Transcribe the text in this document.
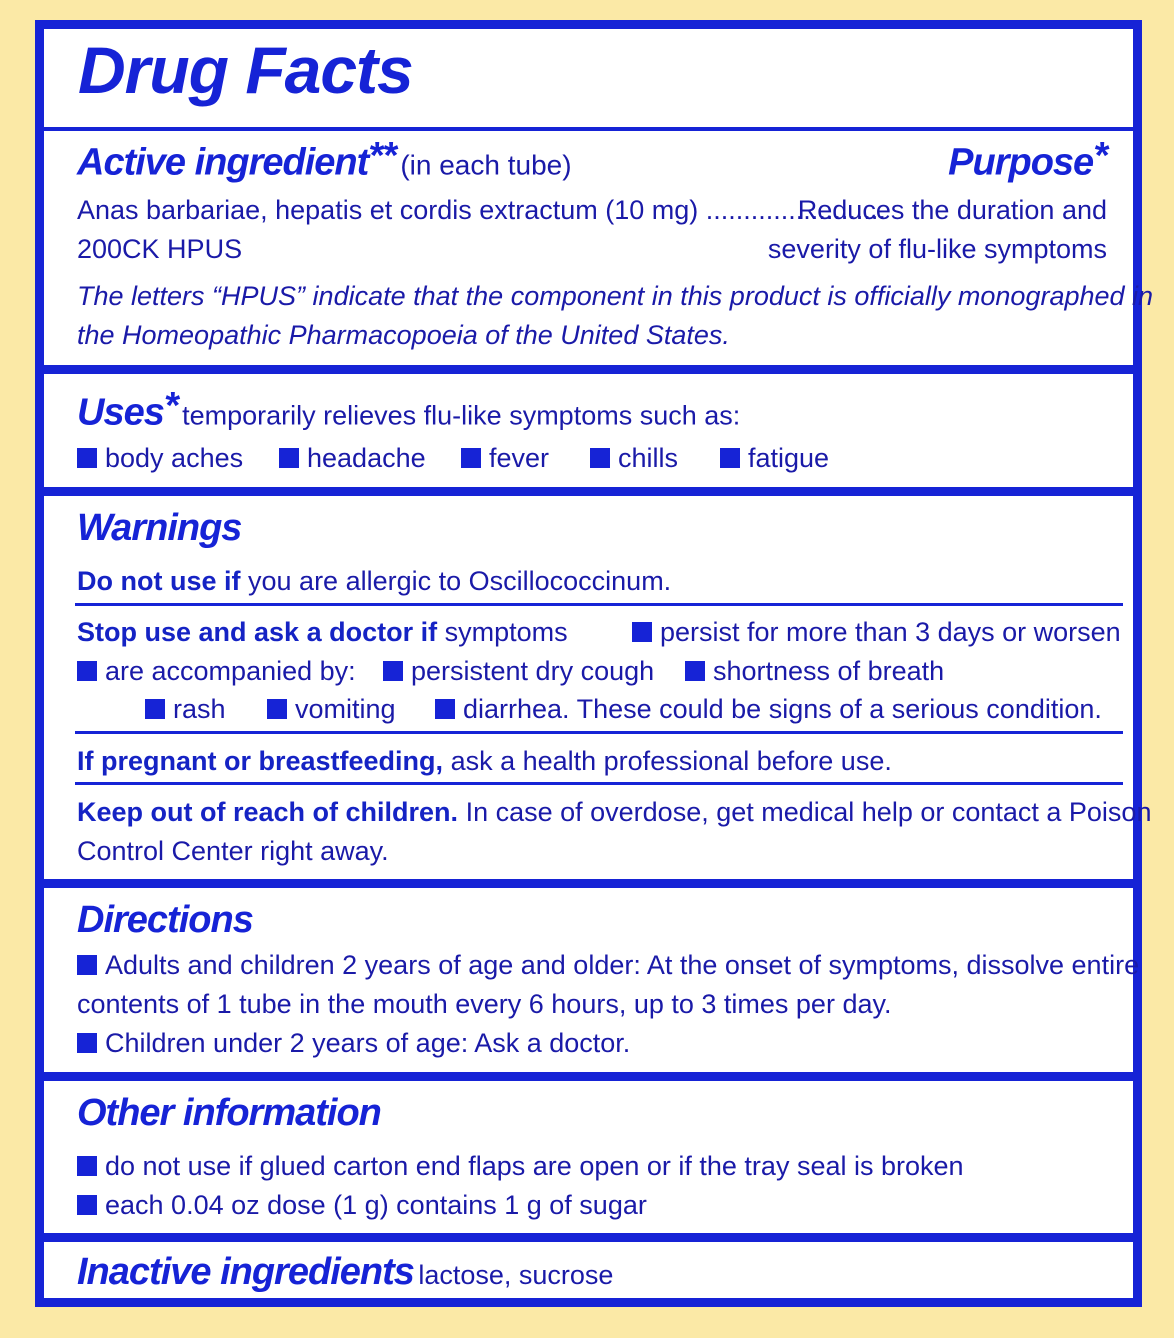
Drug Facts
Active ingredient** (in each tube)	Purpose*
Anas barbariae, hepatis et cordis extractum (10 mg) ........................
200CK HPUS
Reduces the duration and
severity of flu-like symptoms
The letters “HPUS” indicate that the component in this product is officially monographed in
the Homeopathic Pharmacopoeia of the United States.
Uses* temporarily relieves flu-like symptoms such as:
body aches	headache	fever	chills	fatigue
Warnings
Do not use if you are allergic to Oscillococcinum.
Stop use and ask a doctor if symptoms	persist for more than 3 days or worsen
are accompanied by:	persistent dry cough	shortness of breath
rash	vomiting	diarrhea. These could be signs of a serious condition.
If pregnant or breastfeeding, ask a health professional before use.
Keep out of reach of children. In case of overdose, get medical help or contact a Poison
Control Center right away.
Directions
Adults and children 2 years of age and older: At the onset of symptoms, dissolve entire
contents of 1 tube in the mouth every 6 hours, up to 3 times per day.
Children under 2 years of age: Ask a doctor.
Other information
do not use if glued carton end flaps are open or if the tray seal is broken
each 0.04 oz dose (1 g) contains 1 g of sugar
Inactive ingredients lactose, sucrose
